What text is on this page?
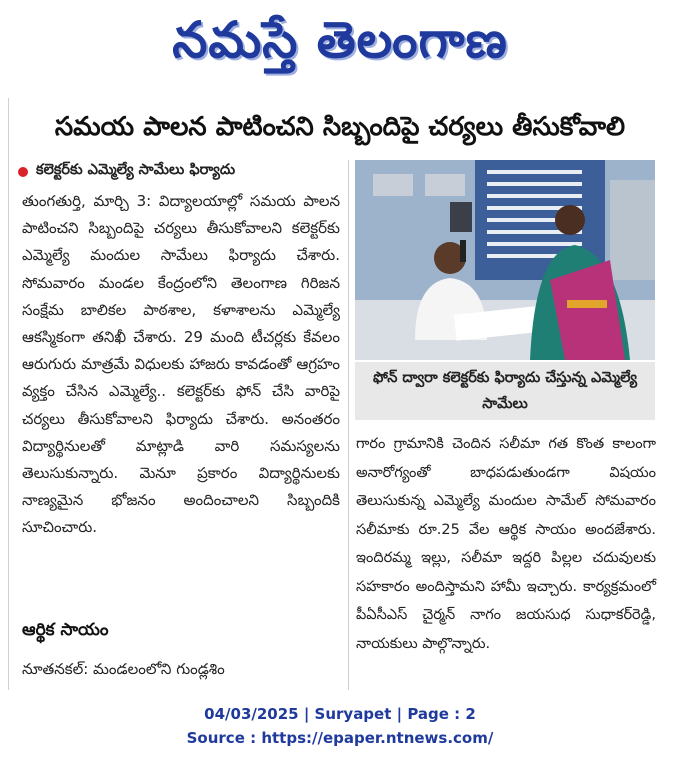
నమస్తే తెలంగాణ
సమయ పాలన పాటించని సిబ్బందిపై చర్యలు తీసుకోవాలి
కలెక్టర్‌కు ఎమ్మెల్యే సామేలు ఫిర్యాదు

తుంగతుర్తి, మార్చి 3: విద్యాలయాల్లో సమయ పాలన పాటించని సిబ్బందిపై చర్యలు తీసుకోవాలని కలెక్టర్‌కు ఎమ్మెల్యే మందుల సామేలు ఫిర్యాదు చేశారు. సోమవారం మండల కేంద్రంలోని తెలంగాణ గిరిజన సంక్షేమ బాలికల పాఠశాల, కళాశాలను ఎమ్మెల్యే ఆకస్మికంగా తనిఖీ చేశారు. 29 మంది టీచర్లకు కేవలం ఆరుగురు మాత్రమే విధులకు హాజరు కావడంతో ఆగ్రహం వ్యక్తం చేసిన ఎమ్మెల్యే.. కలెక్టర్‌కు ఫోన్ చేసి వారిపై చర్యలు తీసుకోవాలని ఫిర్యాదు చేశారు. అనంతరం విద్యార్థినులతో మాట్లాడి వారి సమస్యలను తెలుసుకున్నారు. మెనూ ప్రకారం విద్యార్థినులకు నాణ్యమైన భోజనం అందించాలని సిబ్బందికి సూచించారు.

ఆర్థిక సాయం

నూతనకల్: మండలంలోని గుండ్లశిం

ఫోన్ ద్వారా కలెక్టర్‌కు ఫిర్యాదు చేస్తున్న ఎమ్మెల్యే సామేలు

గారం గ్రామానికి చెందిన సలీమా గత కొంత కాలంగా అనారోగ్యంతో బాధపడుతుండగా విషయం తెలుసుకున్న ఎమ్మెల్యే మందుల సామేల్ సోమవారం సలీమాకు రూ.25 వేల ఆర్థిక సాయం అందజేశారు. ఇందిరమ్మ ఇల్లు, సలీమా ఇద్దరి పిల్లల చదువులకు సహకారం అందిస్తామని హామీ ఇచ్చారు. కార్యక్రమంలో పీఏసీఎస్ చైర్మన్ నాగం జయసుధ సుధాకర్‌రెడ్డి, నాయకులు పాల్గొన్నారు.

04/03/2025 | Suryapet | Page : 2
Source : https://epaper.ntnews.com/
